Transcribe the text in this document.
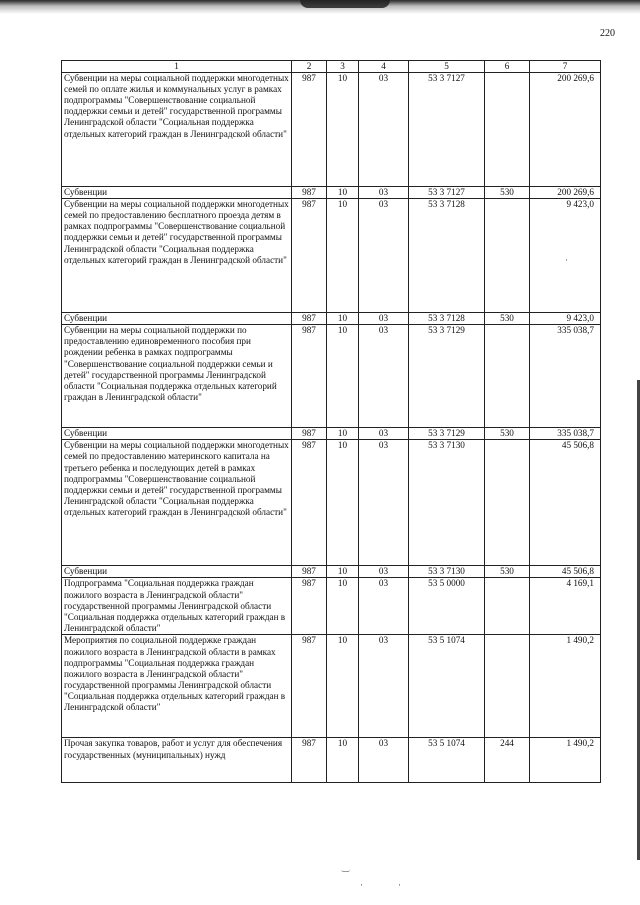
220
1	2	3	4	5	6	7
Субвенции на меры социальной поддержки многодетных семей по оплате жилья и коммунальных услуг в рамках подпрограммы "Совершенствование социальной поддержки семьи и детей" государственной программы Ленинградской области "Социальная поддержка отдельных категорий граждан в Ленинградской области"	987	10	03	53 3 7127		200 269,6
Субвенции	987	10	03	53 3 7127	530	200 269,6
Субвенции на меры социальной поддержки многодетных семей по предоставлению бесплатного проезда детям в рамках подпрограммы "Совершенствование социальной поддержки семьи и детей" государственной программы Ленинградской области "Социальная поддержка отдельных категорий граждан в Ленинградской области"	987	10	03	53 3 7128		9 423,0
Субвенции	987	10	03	53 3 7128	530	9 423,0
Субвенции на меры социальной поддержки по предоставлению единовременного пособия при рождении ребенка в рамках подпрограммы "Совершенствование социальной поддержки семьи и детей" государственной программы Ленинградской области "Социальная поддержка отдельных категорий граждан в Ленинградской области"	987	10	03	53 3 7129		335 038,7
Субвенции	987	10	03	53 3 7129	530	335 038,7
Субвенции на меры социальной поддержки многодетных семей по предоставлению материнского капитала на третьего ребенка и последующих детей в рамках подпрограммы "Совершенствование социальной поддержки семьи и детей" государственной программы Ленинградской области "Социальная поддержка отдельных категорий граждан в Ленинградской области"	987	10	03	53 3 7130		45 506,8
Субвенции	987	10	03	53 3 7130	530	45 506,8
Подпрограмма "Социальная поддержка граждан пожилого возраста в Ленинградской области" государственной программы Ленинградской области "Социальная поддержка отдельных категорий граждан в Ленинградской области"	987	10	03	53 5 0000		4 169,1
Мероприятия по социальной поддержке граждан пожилого возраста в Ленинградской области в рамках подпрограммы "Социальная поддержка граждан пожилого возраста в Ленинградской области" государственной программы Ленинградской области "Социальная поддержка отдельных категорий граждан в Ленинградской области"	987	10	03	53 5 1074		1 490,2
Прочая закупка товаров, работ и услуг для обеспечения государственных (муниципальных) нужд	987	10	03	53 5 1074	244	1 490,2
·
‿
·	·
